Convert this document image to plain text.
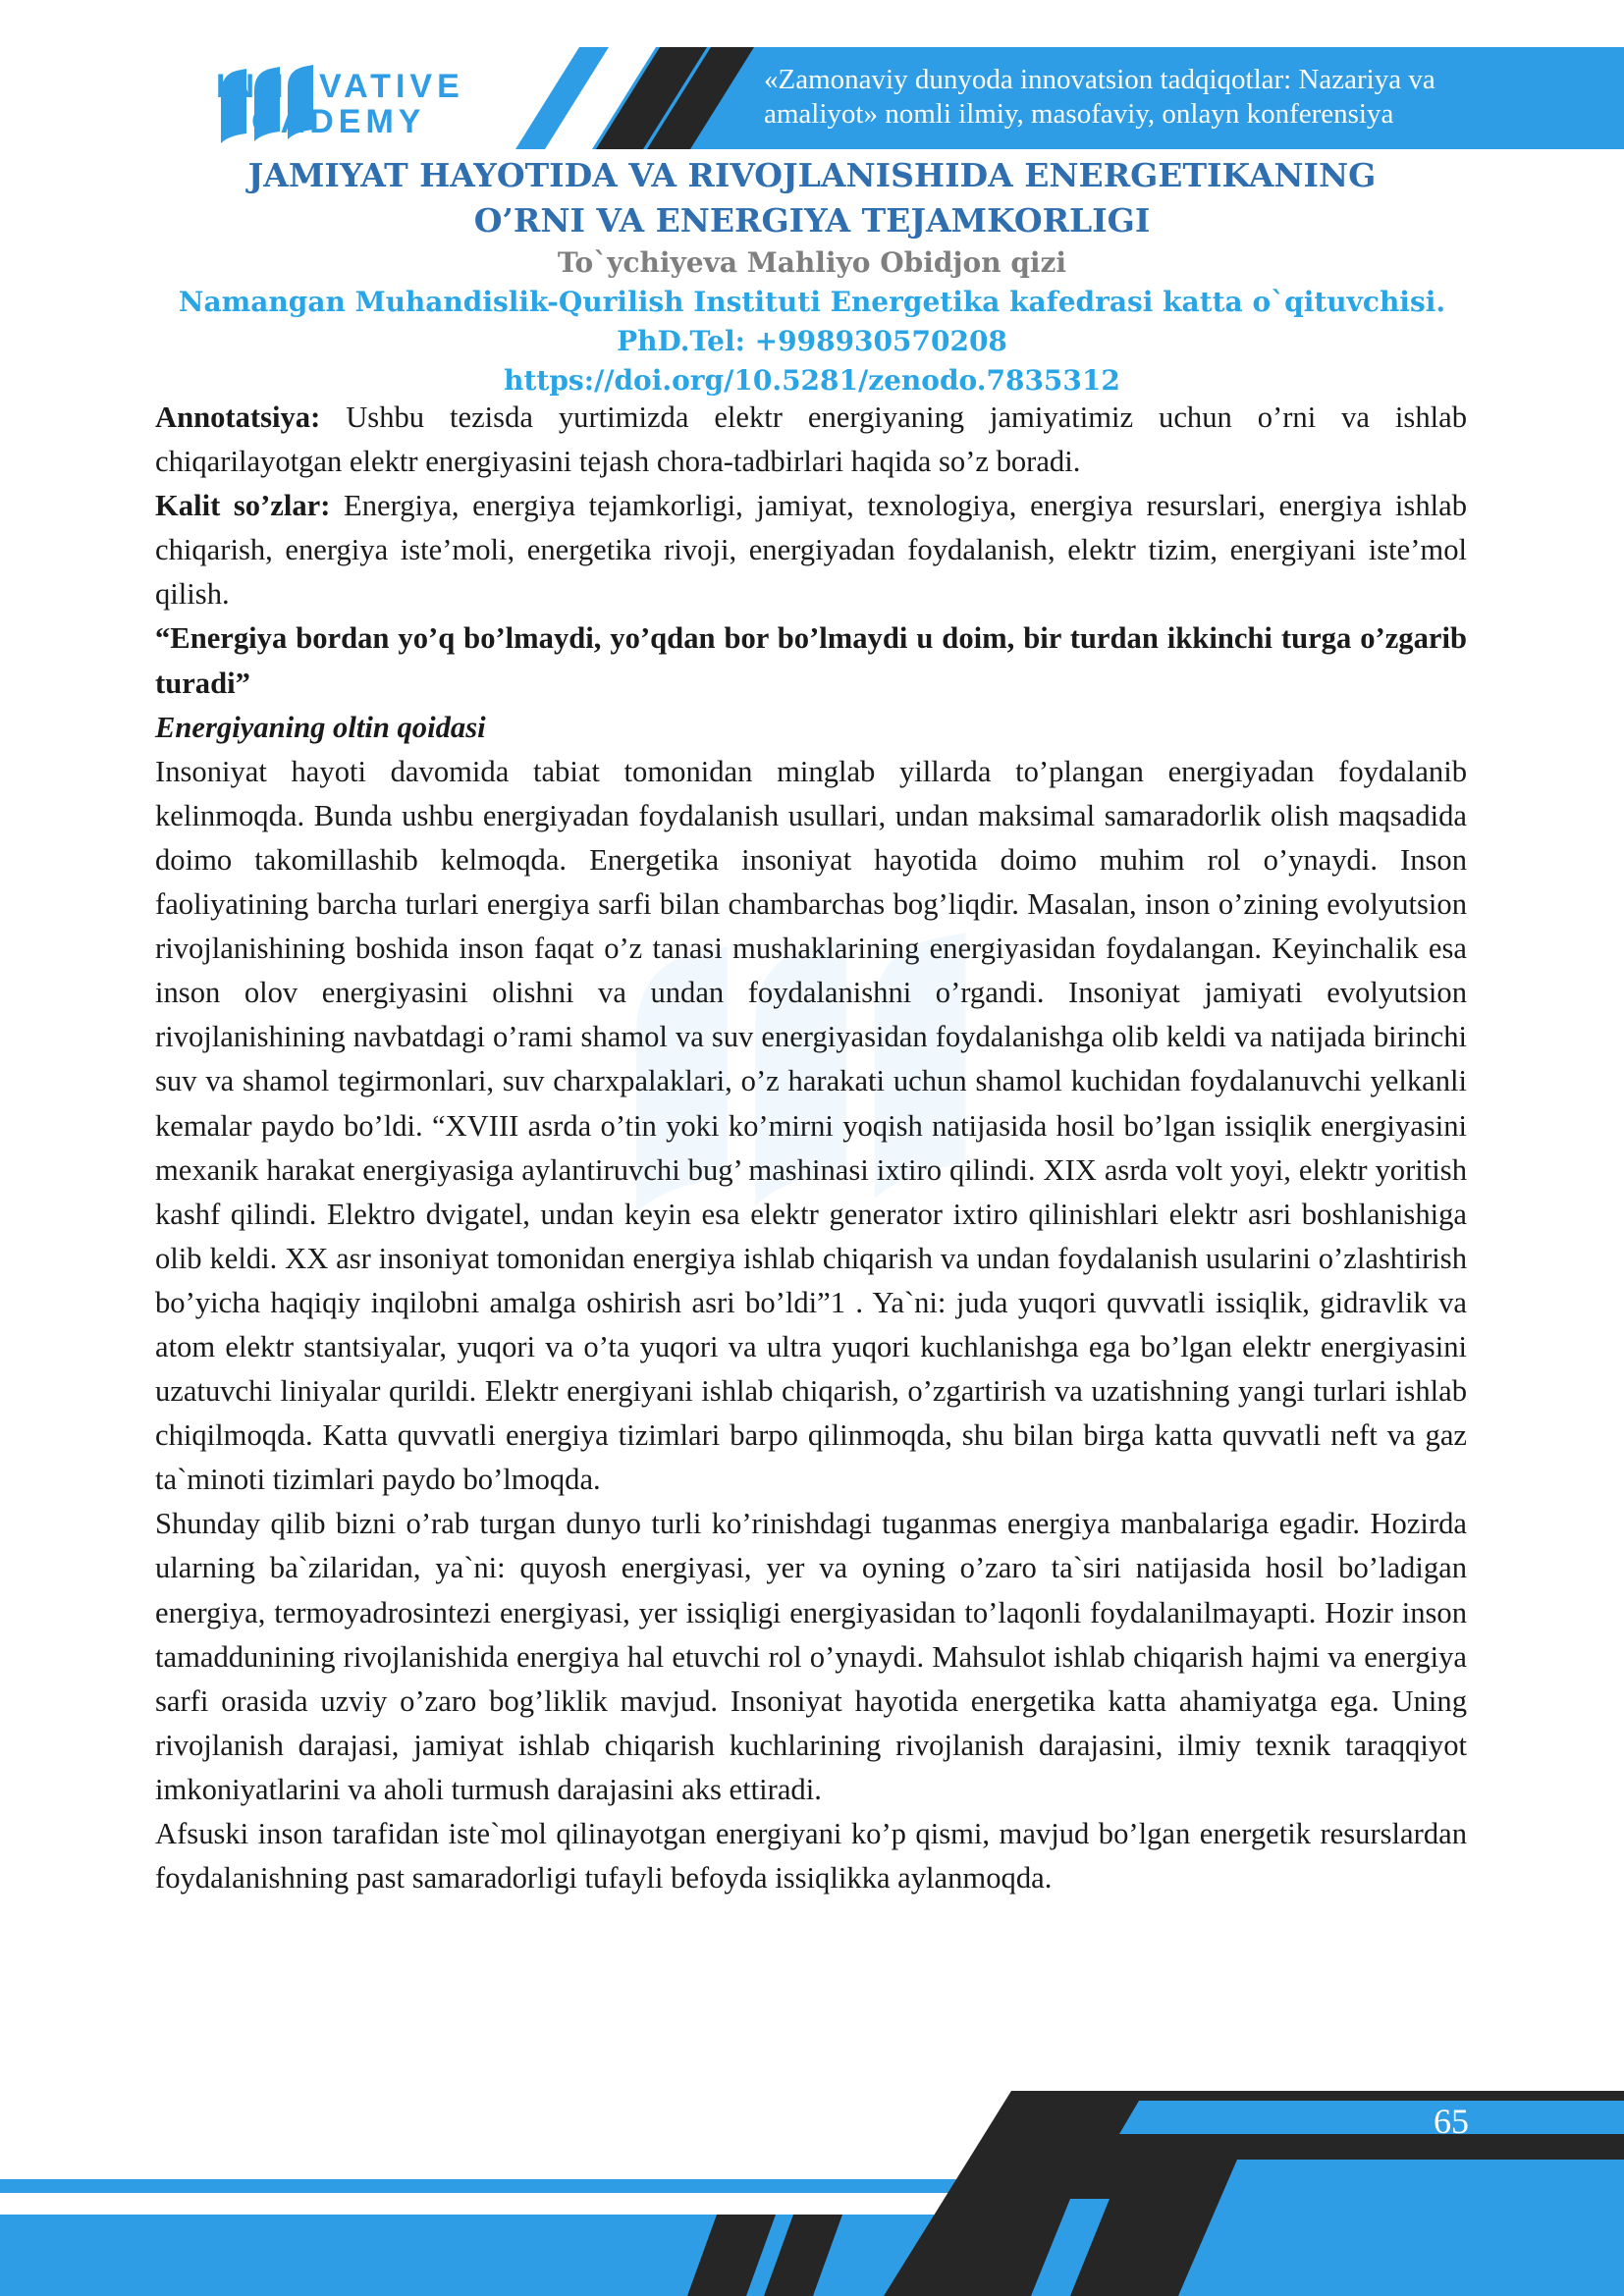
INNOVATIVE
ACADEMY
«Zamonaviy dunyoda innovatsion tadqiqotlar: Nazariya va
amaliyot» nomli ilmiy, masofaviy, onlayn konferensiya
JAMIYAT HAYOTIDA VA RIVOJLANISHIDA ENERGETIKANING
O’RNI VA ENERGIYA TEJAMKORLIGI
To`ychiyeva Mahliyo Obidjon qizi
Namangan Muhandislik-Qurilish Instituti Energetika kafedrasi katta o`qituvchisi.
PhD.Tel: +998930570208
https://doi.org/10.5281/zenodo.7835312

Annotatsiya: Ushbu tezisda yurtimizda elektr energiyaning jamiyatimiz uchun o’rni va ishlab chiqarilayotgan elektr energiyasini tejash chora-tadbirlari haqida so’z boradi.

Kalit so’zlar: Energiya, energiya tejamkorligi, jamiyat, texnologiya, energiya resurslari, energiya ishlab chiqarish, energiya iste’moli, energetika rivoji, energiyadan foydalanish, elektr tizim, energiyani iste’mol qilish.

“Energiya bordan yo’q bo’lmaydi, yo’qdan bor bo’lmaydi u doim, bir turdan ikkinchi turga o’zgarib turadi”

Energiyaning oltin qoidasi

Insoniyat hayoti davomida tabiat tomonidan minglab yillarda to’plangan energiyadan foydalanib kelinmoqda. Bunda ushbu energiyadan foydalanish usullari, undan maksimal samaradorlik olish maqsadida doimo takomillashib kelmoqda. Energetika insoniyat hayotida doimo muhim rol o’ynaydi. Inson faoliyatining barcha turlari energiya sarfi bilan chambarchas bog’liqdir. Masalan, inson o’zining evolyutsion rivojlanishining boshida inson faqat o’z tanasi mushaklarining energiyasidan foydalangan. Keyinchalik esa inson olov energiyasini olishni va undan foydalanishni o’rgandi. Insoniyat jamiyati evolyutsion rivojlanishining navbatdagi o’rami shamol va suv energiyasidan foydalanishga olib keldi va natijada birinchi suv va shamol tegirmonlari, suv charxpalaklari, o’z harakati uchun shamol kuchidan foydalanuvchi yelkanli kemalar paydo bo’ldi. “XVIII asrda o’tin yoki ko’mirni yoqish natijasida hosil bo’lgan issiqlik energiyasini mexanik harakat energiyasiga aylantiruvchi bug’ mashinasi ixtiro qilindi. XIX asrda volt yoyi, elektr yoritish kashf qilindi. Elektro dvigatel, undan keyin esa elektr generator ixtiro qilinishlari elektr asri boshlanishiga olib keldi. XX asr insoniyat tomonidan energiya ishlab chiqarish va undan foydalanish usularini o’zlashtirish bo’yicha haqiqiy inqilobni amalga oshirish asri bo’ldi”1 . Ya`ni: juda yuqori quvvatli issiqlik, gidravlik va atom elektr stantsiyalar, yuqori va o’ta yuqori va ultra yuqori kuchlanishga ega bo’lgan elektr energiyasini uzatuvchi liniyalar qurildi. Elektr energiyani ishlab chiqarish, o’zgartirish va uzatishning yangi turlari ishlab chiqilmoqda. Katta quvvatli energiya tizimlari barpo qilinmoqda, shu bilan birga katta quvvatli neft va gaz ta`minoti tizimlari paydo bo’lmoqda.

Shunday qilib bizni o’rab turgan dunyo turli ko’rinishdagi tuganmas energiya manbalariga egadir. Hozirda ularning ba`zilaridan, ya`ni: quyosh energiyasi, yer va oyning o’zaro ta`siri natijasida hosil bo’ladigan energiya, termoyadrosintezi energiyasi, yer issiqligi energiyasidan to’laqonli foydalanilmayapti. Hozir inson tamaddunining rivojlanishida energiya hal etuvchi rol o’ynaydi. Mahsulot ishlab chiqarish hajmi va energiya sarfi orasida uzviy o’zaro bog’liklik mavjud. Insoniyat hayotida energetika katta ahamiyatga ega. Uning rivojlanish darajasi, jamiyat ishlab chiqarish kuchlarining rivojlanish darajasini, ilmiy texnik taraqqiyot imkoniyatlarini va aholi turmush darajasini aks ettiradi.

Afsuski inson tarafidan iste`mol qilinayotgan energiyani ko’p qismi, mavjud bo’lgan energetik resurslardan foydalanishning past samaradorligi tufayli befoyda issiqlikka aylanmoqda.

65
